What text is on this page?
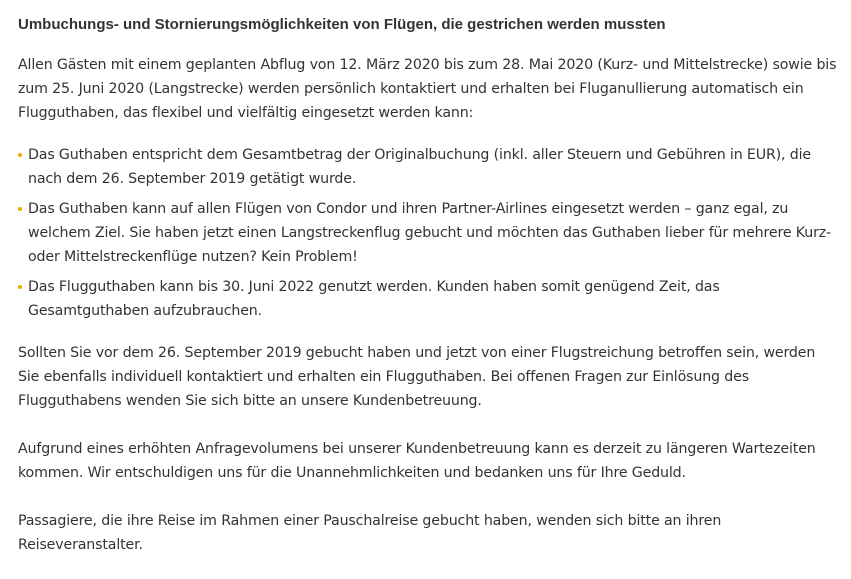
Umbuchungs- und Stornierungsmöglichkeiten von Flügen, die gestrichen werden mussten

Allen Gästen mit einem geplanten Abflug von 12. März 2020 bis zum 28. Mai 2020 (Kurz- und Mittelstrecke) sowie bis zum 25. Juni 2020 (Langstrecke) werden persönlich kontaktiert und erhalten bei Fluganullierung automatisch ein Flugguthaben, das flexibel und vielfältig eingesetzt werden kann:

Das Guthaben entspricht dem Gesamtbetrag der Originalbuchung (inkl. aller Steuern und Gebühren in EUR), die nach dem 26. September 2019 getätigt wurde.
Das Guthaben kann auf allen Flügen von Condor und ihren Partner-Airlines eingesetzt werden – ganz egal, zu welchem Ziel. Sie haben jetzt einen Langstreckenflug gebucht und möchten das Guthaben lieber für mehrere Kurz- oder Mittelstreckenflüge nutzen? Kein Problem!
Das Flugguthaben kann bis 30. Juni 2022 genutzt werden. Kunden haben somit genügend Zeit, das Gesamtguthaben aufzubrauchen.

Sollten Sie vor dem 26. September 2019 gebucht haben und jetzt von einer Flugstreichung betroffen sein, werden Sie ebenfalls individuell kontaktiert und erhalten ein Flugguthaben. Bei offenen Fragen zur Einlösung des Flugguthabens wenden Sie sich bitte an unsere Kundenbetreuung.

Aufgrund eines erhöhten Anfragevolumens bei unserer Kundenbetreuung kann es derzeit zu längeren Wartezeiten kommen. Wir entschuldigen uns für die Unannehmlichkeiten und bedanken uns für Ihre Geduld.

Passagiere, die ihre Reise im Rahmen einer Pauschalreise gebucht haben, wenden sich bitte an ihren Reiseveranstalter.
